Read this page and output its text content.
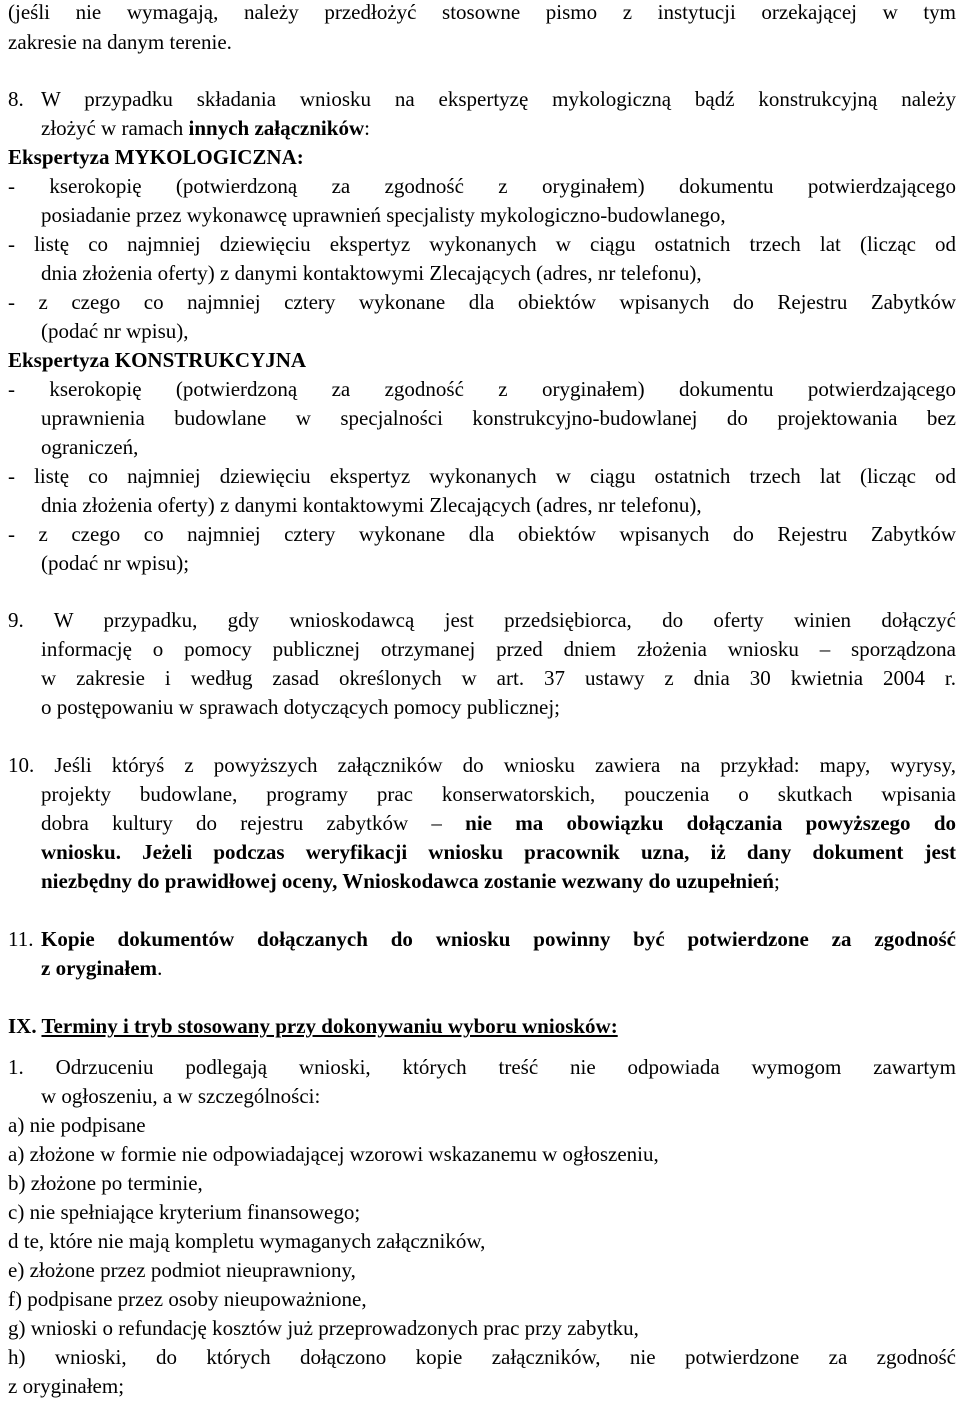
(jeśli nie wymagają, należy przedłożyć stosowne pismo z instytucji orzekającej w tym
zakresie na danym terenie.
8. W przypadku składania wniosku na ekspertyzę mykologiczną bądź konstrukcyjną należy
złożyć w ramach innych załączników:
Ekspertyza MYKOLOGICZNA:
- kserokopię (potwierdzoną za zgodność z oryginałem) dokumentu potwierdzającego
posiadanie przez wykonawcę uprawnień specjalisty mykologiczno-budowlanego,
- listę co najmniej dziewięciu ekspertyz wykonanych w ciągu ostatnich trzech lat (licząc od
dnia złożenia oferty) z danymi kontaktowymi Zlecających (adres, nr telefonu),
- z czego co najmniej cztery wykonane dla obiektów wpisanych do Rejestru Zabytków
(podać nr wpisu),
Ekspertyza KONSTRUKCYJNA
- kserokopię (potwierdzoną za zgodność z oryginałem) dokumentu potwierdzającego
uprawnienia budowlane w specjalności konstrukcyjno-budowlanej do projektowania bez
ograniczeń,
- listę co najmniej dziewięciu ekspertyz wykonanych w ciągu ostatnich trzech lat (licząc od
dnia złożenia oferty) z danymi kontaktowymi Zlecających (adres, nr telefonu),
- z czego co najmniej cztery wykonane dla obiektów wpisanych do Rejestru Zabytków
(podać nr wpisu);
9. W przypadku, gdy wnioskodawcą jest przedsiębiorca, do oferty winien dołączyć
informację o pomocy publicznej otrzymanej przed dniem złożenia wniosku – sporządzona
w zakresie i według zasad określonych w art. 37 ustawy z dnia 30 kwietnia 2004 r.
o postępowaniu w sprawach dotyczących pomocy publicznej;
10. Jeśli któryś z powyższych załączników do wniosku zawiera na przykład: mapy, wyrysy,
projekty budowlane, programy prac konserwatorskich, pouczenia o skutkach wpisania
dobra kultury do rejestru zabytków – nie ma obowiązku dołączania powyższego do
wniosku. Jeżeli podczas weryfikacji wniosku pracownik uzna, iż dany dokument jest
niezbędny do prawidłowej oceny, Wnioskodawca zostanie wezwany do uzupełnień;
11. Kopie dokumentów dołączanych do wniosku powinny być potwierdzone za zgodność
z oryginałem.
IX. Terminy i tryb stosowany przy dokonywaniu wyboru wniosków:
1. Odrzuceniu podlegają wnioski, których treść nie odpowiada wymogom zawartym
w ogłoszeniu, a w szczególności:
a) nie podpisane
a) złożone w formie nie odpowiadającej wzorowi wskazanemu w ogłoszeniu,
b) złożone po terminie,
c) nie spełniające kryterium finansowego;
d te, które nie mają kompletu wymaganych załączników,
e) złożone przez podmiot nieuprawniony,
f) podpisane przez osoby nieupoważnione,
g) wnioski o refundację kosztów już przeprowadzonych prac przy zabytku,
h) wnioski, do których dołączono kopie załączników, nie potwierdzone za zgodność
z oryginałem;
